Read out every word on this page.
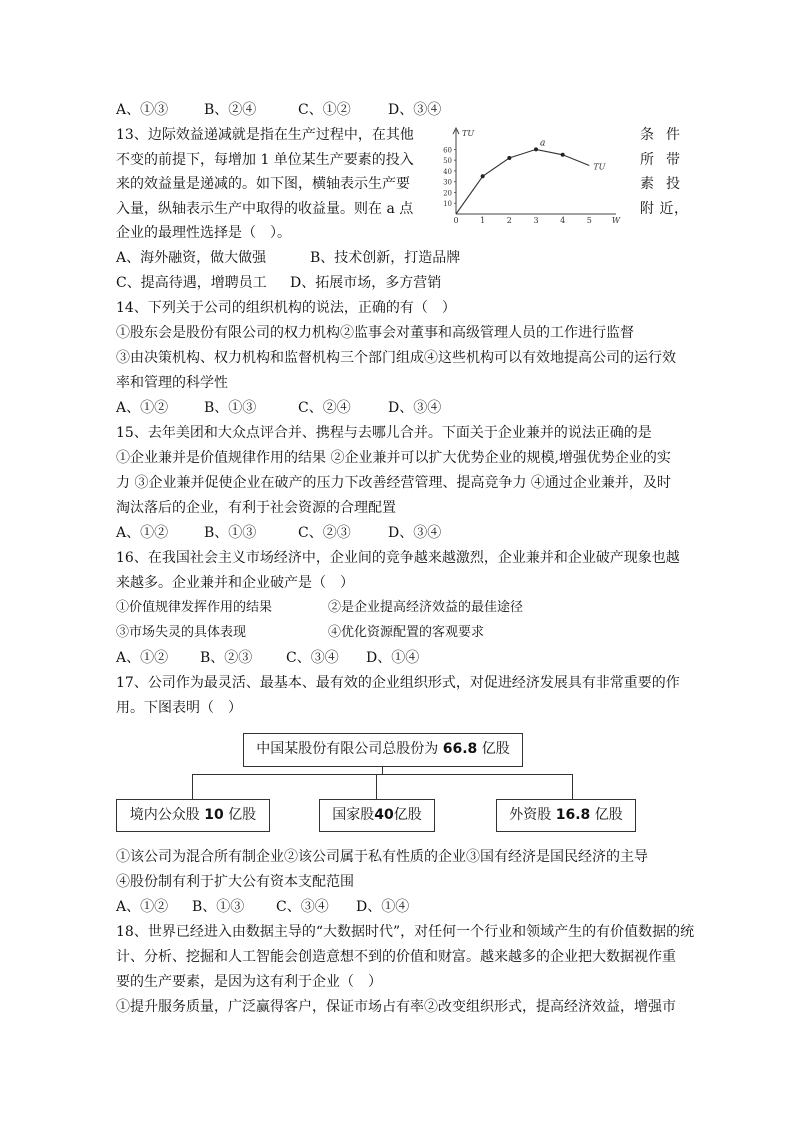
A、①③	B、②④	C、①②	D、③④
13、边际效益递减就是指在生产过程中，在其他
不变的前提下，每增加 1 单位某生产要素的投入
来的效益量是递减的。如下图，横轴表示生产要
入量，纵轴表示生产中取得的收益量。则在 a 点
条件
所带
素投
附 近，
10
20
30
40
50
60
0	1	2	3	4	5	W
TU
a
TU
企业的最理性选择是（　）。
A、海外融资，做大做强	B、技术创新，打造品牌
C、提高待遇，增聘员工 D、拓展市场，多方营销
14、下列关于公司的组织机构的说法，正确的有（　）
①股东会是股份有限公司的权力机构②监事会对董事和高级管理人员的工作进行监督
③由决策机构、权力机构和监督机构三个部门组成④这些机构可以有效地提高公司的运行效
率和管理的科学性
A、①②	B、①③	C、②④	D、③④
15、去年美团和大众点评合并、携程与去哪儿合并。下面关于企业兼并的说法正确的是
①企业兼并是价值规律作用的结果 ②企业兼并可以扩大优势企业的规模,增强优势企业的实
力 ③企业兼并促使企业在破产的压力下改善经营管理、提高竞争力 ④通过企业兼并，及时
淘汰落后的企业，有利于社会资源的合理配置
A、①②	B、①③	C、②③	D、③④
16、在我国社会主义市场经济中，企业间的竞争越来越激烈，企业兼并和企业破产现象也越
来越多。企业兼并和企业破产是（　）
①价值规律发挥作用的结果	②是企业提高经济效益的最佳途径
③市场失灵的具体表现	④优化资源配置的客观要求
A、①② B、②③ C、③④ D、①④
17、公司作为最灵活、最基本、最有效的企业组织形式，对促进经济发展具有非常重要的作
用。下图表明（　）
中国某股份有限公司总股份为 66.8 亿股
境内公众股 10 亿股	国家股40亿股	外资股 16.8 亿股
①该公司为混合所有制企业②该公司属于私有性质的企业③国有经济是国民经济的主导
④股份制有利于扩大公有资本支配范围
A、①② B、①③ C、③④ D、①④
18、世界已经进入由数据主导的“大数据时代”，对任何一个行业和领域产生的有价值数据的统
计、分析、挖掘和人工智能会创造意想不到的价值和财富。越来越多的企业把大数据视作重
要的生产要素，是因为这有利于企业（　）
①提升服务质量，广泛赢得客户，保证市场占有率②改变组织形式，提高经济效益，增强市
